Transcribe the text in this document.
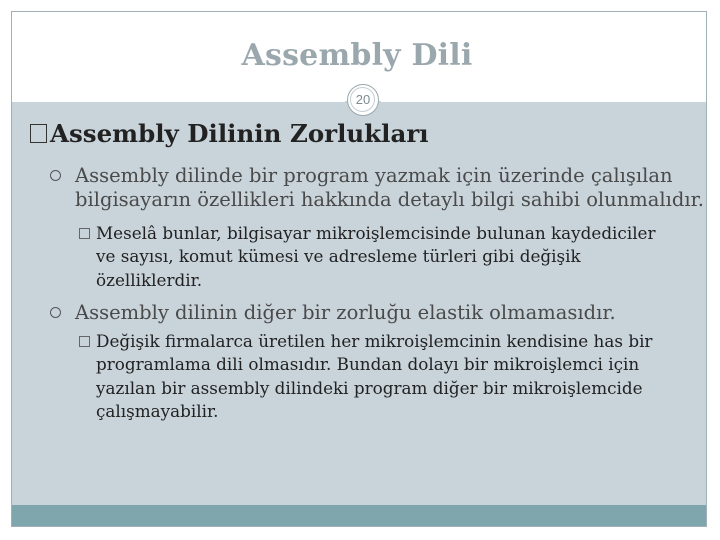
Assembly Dili
20
Assembly Dilinin Zorlukları
Assembly dilinde bir program yazmak için üzerinde çalışılan
bilgisayarın özellikleri hakkında detaylı bilgi sahibi olunmalıdır.
Meselâ bunlar, bilgisayar mikroişlemcisinde bulunan kaydediciler
ve sayısı, komut kümesi ve adresleme türleri gibi değişik
özelliklerdir.
Assembly dilinin diğer bir zorluğu elastik olmamasıdır.
Değişik firmalarca üretilen her mikroişlemcinin kendisine has bir
programlama dili olmasıdır. Bundan dolayı bir mikroişlemci için
yazılan bir assembly dilindeki program diğer bir mikroişlemcide
çalışmayabilir.
